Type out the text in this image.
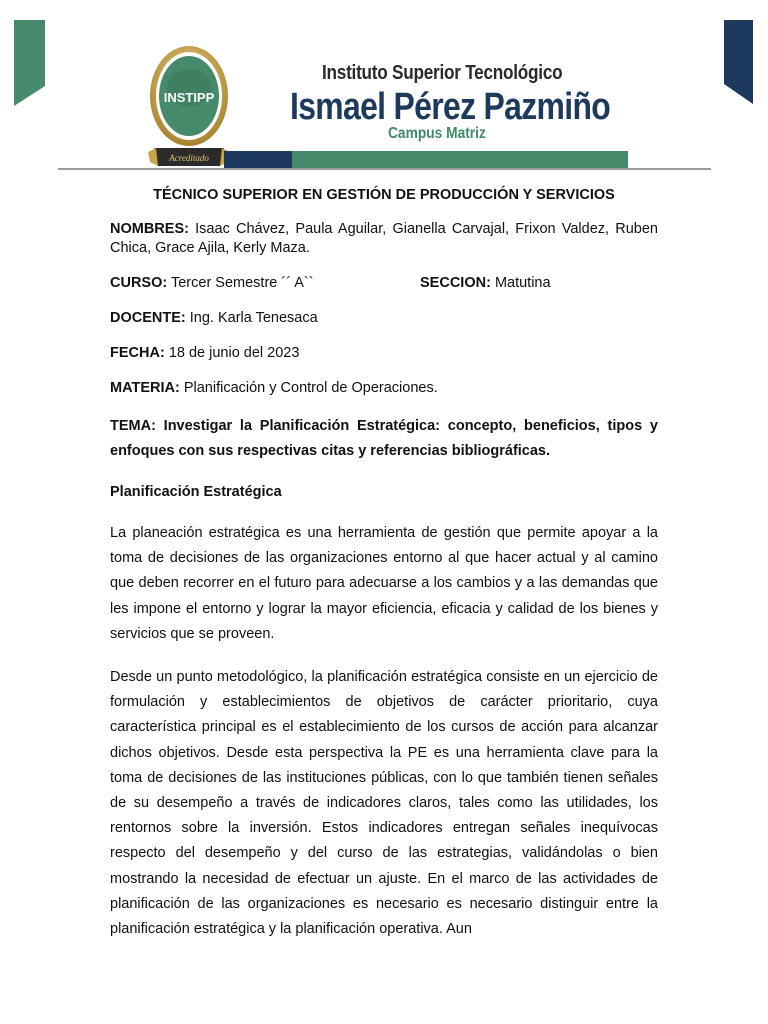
INSTIPP
Acreditado
Instituto Superior Tecnológico
Ismael Pérez Pazmiño
Campus Matriz
TÉCNICO SUPERIOR EN GESTIÓN DE PRODUCCIÓN Y SERVICIOS
NOMBRES: Isaac Chávez, Paula Aguilar, Gianella Carvajal, Frixon Valdez, Ruben Chica, Grace Ajila, Kerly Maza.
CURSO: Tercer Semestre ´´ A``	SECCION: Matutina
DOCENTE: Ing. Karla Tenesaca
FECHA: 18 de junio del 2023
MATERIA: Planificación y Control de Operaciones.
TEMA: Investigar la Planificación Estratégica: concepto, beneficios, tipos y enfoques con sus respectivas citas y referencias bibliográficas.
Planificación Estratégica
La planeación estratégica es una herramienta de gestión que permite apoyar a la toma de decisiones de las organizaciones entorno al que hacer actual y al camino que deben recorrer en el futuro para adecuarse a los cambios y a las demandas que les impone el entorno y lograr la mayor eficiencia, eficacia y calidad de los bienes y servicios que se proveen.
Desde un punto metodológico, la planificación estratégica consiste en un ejercicio de formulación y establecimientos de objetivos de carácter prioritario, cuya característica principal es el establecimiento de los cursos de acción para alcanzar dichos objetivos. Desde esta perspectiva la PE es una herramienta clave para la toma de decisiones de las instituciones públicas, con lo que también tienen señales de su desempeño a través de indicadores claros, tales como las utilidades, los rentornos sobre la inversión. Estos indicadores entregan señales inequívocas respecto del desempeño y del curso de las estrategias, validándolas o bien mostrando la necesidad de efectuar un ajuste. En el marco de las actividades de planificación de las organizaciones es necesario es necesario distinguir entre la planificación estratégica y la planificación operativa. Aun
